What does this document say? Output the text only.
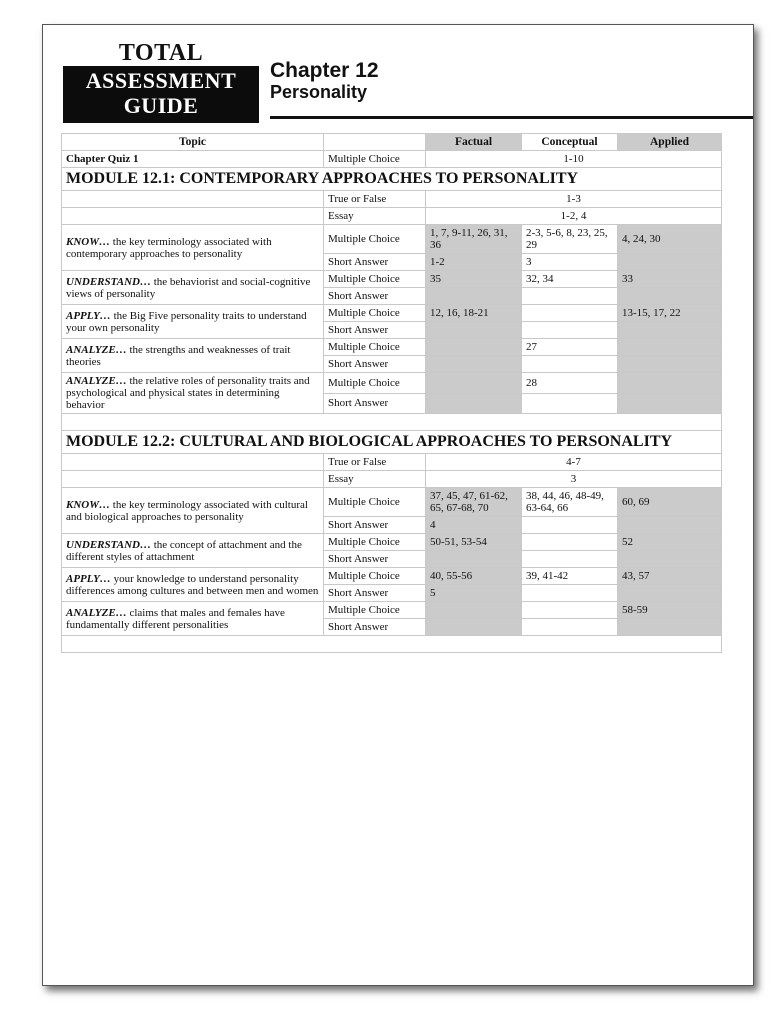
TOTAL
ASSESSMENT
GUIDE
Chapter 12
Personality
Topic		Factual	Conceptual	Applied
Chapter Quiz 1	Multiple Choice	1-10		
MODULE 12.1: CONTEMPORARY APPROACHES TO PERSONALITY				
	True or False	1-3		
	Essay	1-2, 4		
KNOW… the key terminology associated with contemporary approaches to personality	Multiple Choice	1, 7, 9-11, 26, 31, 36	2-3, 5-6, 8, 23, 25, 29	4, 24, 30
	Short Answer	1-2	3	
UNDERSTAND… the behaviorist and social-cognitive views of personality	Multiple Choice	35	32, 34	33
	Short Answer			
APPLY… the Big Five personality traits to understand your own personality	Multiple Choice	12, 16, 18-21		13-15, 17, 22
	Short Answer			
ANALYZE… the strengths and weaknesses of trait theories	Multiple Choice		27	
	Short Answer			
ANALYZE… the relative roles of personality traits and psychological and physical states in determining behavior	Multiple Choice		28	
	Short Answer			

MODULE 12.2: CULTURAL AND BIOLOGICAL APPROACHES TO PERSONALITY				
	True or False	4-7		
	Essay	3		
KNOW… the key terminology associated with cultural and biological approaches to personality	Multiple Choice	37, 45, 47, 61-62, 65, 67-68, 70	38, 44, 46, 48-49, 63-64, 66	60, 69
	Short Answer	4		
UNDERSTAND… the concept of attachment and the different styles of attachment	Multiple Choice	50-51, 53-54		52
	Short Answer			
APPLY… your knowledge to understand personality differences among cultures and between men and women	Multiple Choice	40, 55-56	39, 41-42	43, 57
	Short Answer	5		
ANALYZE… claims that males and females have fundamentally different personalities	Multiple Choice			58-59
	Short Answer			
